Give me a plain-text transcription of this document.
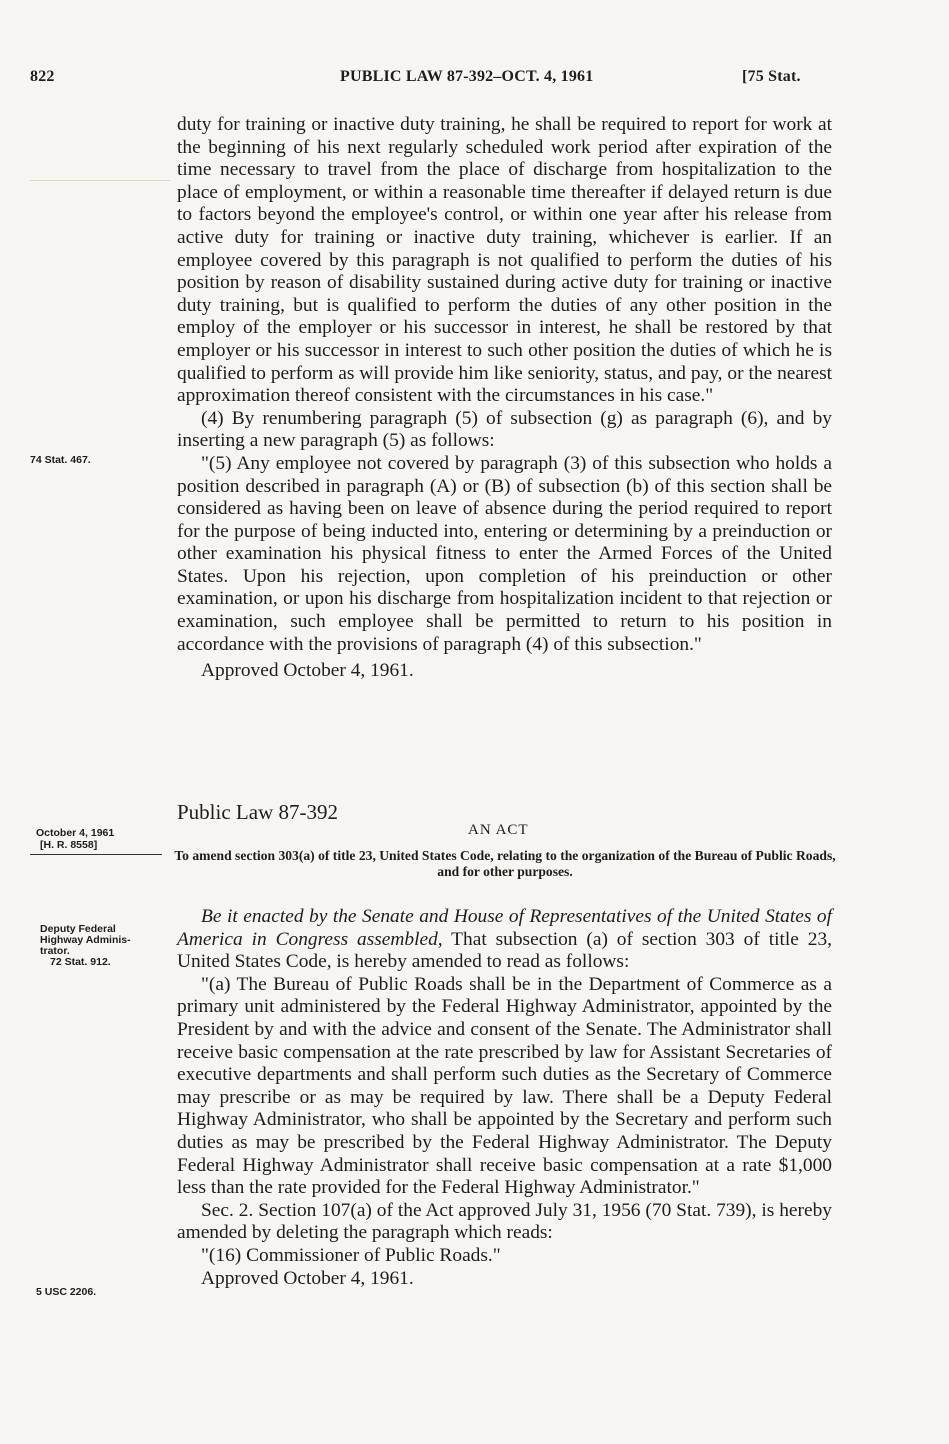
822	PUBLIC LAW 87-392–OCT. 4, 1961	[75 Stat.

duty for training or inactive duty training, he shall be required to report for work at the beginning of his next regularly scheduled work period after expiration of the time necessary to travel from the place of discharge from hospitalization to the place of employment, or within a reasonable time thereafter if delayed return is due to factors beyond the employee's control, or within one year after his release from active duty for training or inactive duty training, whichever is earlier. If an employee covered by this paragraph is not qualified to perform the duties of his position by reason of disability sustained during active duty for training or inactive duty training, but is qualified to perform the duties of any other position in the employ of the employer or his successor in interest, he shall be restored by that employer or his successor in interest to such other position the duties of which he is qualified to perform as will provide him like seniority, status, and pay, or the nearest approximation thereof consistent with the circumstances in his case."

(4) By renumbering paragraph (5) of subsection (g) as paragraph (6), and by inserting a new paragraph (5) as follows:

"(5) Any employee not covered by paragraph (3) of this subsection who holds a position described in paragraph (A) or (B) of subsection (b) of this section shall be considered as having been on leave of absence during the period required to report for the purpose of being inducted into, entering or determining by a preinduction or other examination his physical fitness to enter the Armed Forces of the United States. Upon his rejection, upon completion of his preinduction or other examination, or upon his discharge from hospitalization incident to that rejection or examination, such employee shall be permitted to return to his position in accordance with the provisions of paragraph (4) of this subsection."

Approved October 4, 1961.

74 Stat. 467.
Public Law 87-392
October 4, 1961
[H. R. 8558]
AN ACT
To amend section 303(a) of title 23, United States Code, relating to the organization of the Bureau of Public Roads, and for other purposes.
Deputy Federal
Highway Adminis-
trator.
72 Stat. 912.

Be it enacted by the Senate and House of Representatives of the United States of America in Congress assembled, That subsection (a) of section 303 of title 23, United States Code, is hereby amended to read as follows:

"(a) The Bureau of Public Roads shall be in the Department of Commerce as a primary unit administered by the Federal Highway Administrator, appointed by the President by and with the advice and consent of the Senate. The Administrator shall receive basic compensation at the rate prescribed by law for Assistant Secretaries of executive departments and shall perform such duties as the Secretary of Commerce may prescribe or as may be required by law. There shall be a Deputy Federal Highway Administrator, who shall be appointed by the Secretary and perform such duties as may be prescribed by the Federal Highway Administrator. The Deputy Federal Highway Administrator shall receive basic compensation at a rate $1,000 less than the rate provided for the Federal Highway Administrator."

Sec. 2. Section 107(a) of the Act approved July 31, 1956 (70 Stat. 739), is hereby amended by deleting the paragraph which reads:

"(16) Commissioner of Public Roads."

Approved October 4, 1961.

5 USC 2206.
